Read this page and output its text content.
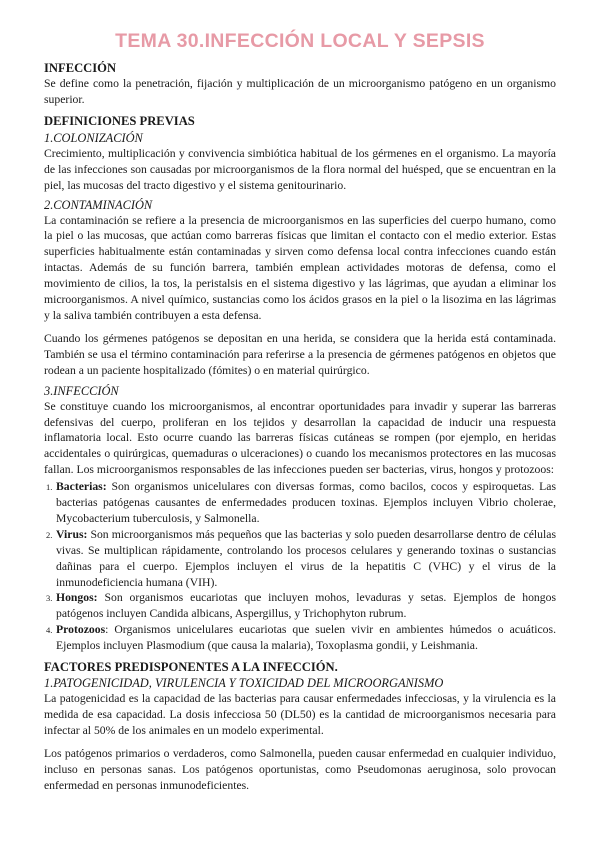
TEMA 30.INFECCIÓN LOCAL Y SEPSIS
INFECCIÓN

Se define como la penetración, fijación y multiplicación de un microorganismo patógeno en un organismo superior.

DEFINICIONES PREVIAS
1.COLONIZACIÓN

Crecimiento, multiplicación y convivencia simbiótica habitual de los gérmenes en el organismo. La mayoría de las infecciones son causadas por microorganismos de la flora normal del huésped, que se encuentran en la piel, las mucosas del tracto digestivo y el sistema genitourinario.

2.CONTAMINACIÓN

La contaminación se refiere a la presencia de microorganismos en las superficies del cuerpo humano, como la piel o las mucosas, que actúan como barreras físicas que limitan el contacto con el medio exterior. Estas superficies habitualmente están contaminadas y sirven como defensa local contra infecciones cuando están intactas. Además de su función barrera, también emplean actividades motoras de defensa, como el movimiento de cilios, la tos, la peristalsis en el sistema digestivo y las lágrimas, que ayudan a eliminar los microorganismos. A nivel químico, sustancias como los ácidos grasos en la piel o la lisozima en las lágrimas y la saliva también contribuyen a esta defensa.

Cuando los gérmenes patógenos se depositan en una herida, se considera que la herida está contaminada. También se usa el término contaminación para referirse a la presencia de gérmenes patógenos en objetos que rodean a un paciente hospitalizado (fómites) o en material quirúrgico.

3.INFECCIÓN

Se constituye cuando los microorganismos, al encontrar oportunidades para invadir y superar las barreras defensivas del cuerpo, proliferan en los tejidos y desarrollan la capacidad de inducir una respuesta inflamatoria local. Esto ocurre cuando las barreras físicas cutáneas se rompen (por ejemplo, en heridas accidentales o quirúrgicas, quemaduras o ulceraciones) o cuando los mecanismos protectores en las mucosas fallan. Los microorganismos responsables de las infecciones pueden ser bacterias, virus, hongos y protozoos:

1. Bacterias: Son organismos unicelulares con diversas formas, como bacilos, cocos y espiroquetas. Las bacterias patógenas causantes de enfermedades producen toxinas. Ejemplos incluyen Vibrio cholerae, Mycobacterium tuberculosis, y Salmonella.
2. Virus: Son microorganismos más pequeños que las bacterias y solo pueden desarrollarse dentro de células vivas. Se multiplican rápidamente, controlando los procesos celulares y generando toxinas o sustancias dañinas para el cuerpo. Ejemplos incluyen el virus de la hepatitis C (VHC) y el virus de la inmunodeficiencia humana (VIH).
3. Hongos: Son organismos eucariotas que incluyen mohos, levaduras y setas. Ejemplos de hongos patógenos incluyen Candida albicans, Aspergillus, y Trichophyton rubrum.
4. Protozoos: Organismos unicelulares eucariotas que suelen vivir en ambientes húmedos o acuáticos. Ejemplos incluyen Plasmodium (que causa la malaria), Toxoplasma gondii, y Leishmania.
FACTORES PREDISPONENTES A LA INFECCIÓN.
1.PATOGENICIDAD, VIRULENCIA Y TOXICIDAD DEL MICROORGANISMO

La patogenicidad es la capacidad de las bacterias para causar enfermedades infecciosas, y la virulencia es la medida de esa capacidad. La dosis infecciosa 50 (DL50) es la cantidad de microorganismos necesaria para infectar al 50% de los animales en un modelo experimental.

Los patógenos primarios o verdaderos, como Salmonella, pueden causar enfermedad en cualquier individuo, incluso en personas sanas. Los patógenos oportunistas, como Pseudomonas aeruginosa, solo provocan enfermedad en personas inmunodeficientes.
